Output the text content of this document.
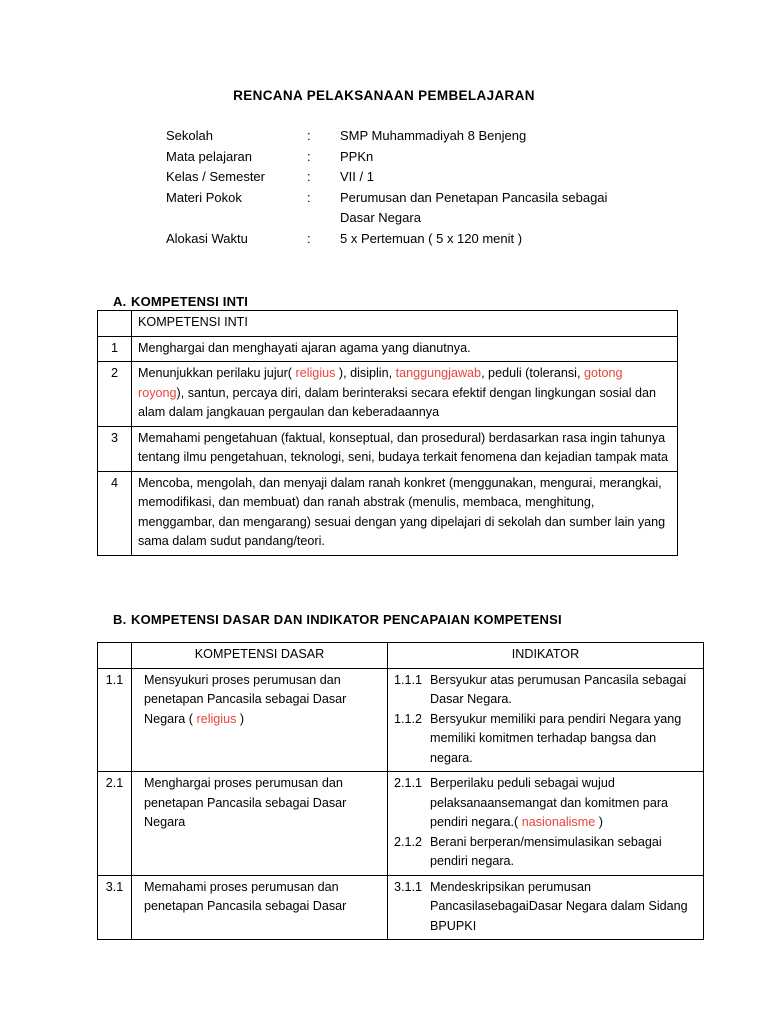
RENCANA PELAKSANAAN PEMBELAJARAN
Sekolah	:	SMP Muhammadiyah 8 Benjeng
Mata pelajaran	:	PPKn
Kelas / Semester	:	VII / 1
Materi Pokok	:	Perumusan dan Penetapan Pancasila sebagai
Dasar Negara
Alokasi Waktu	:	5 x Pertemuan ( 5 x 120 menit )
A. KOMPETENSI INTI
	KOMPETENSI INTI
1	Menghargai dan menghayati ajaran agama yang dianutnya.
2	Menunjukkan perilaku jujur( religius ), disiplin, tanggungjawab, peduli (toleransi, gotong royong), santun, percaya diri, dalam berinteraksi secara efektif dengan lingkungan sosial dan alam dalam jangkauan pergaulan dan keberadaannya
3	Memahami pengetahuan (faktual, konseptual, dan prosedural) berdasarkan rasa ingin tahunya tentang ilmu pengetahuan, teknologi, seni, budaya terkait fenomena dan kejadian tampak mata
4	Mencoba, mengolah, dan menyaji dalam ranah konkret (menggunakan, mengurai, merangkai, memodifikasi, dan membuat) dan ranah abstrak (menulis, membaca, menghitung, menggambar, dan mengarang) sesuai dengan yang dipelajari di sekolah dan sumber lain yang sama dalam sudut pandang/teori.
B. KOMPETENSI DASAR DAN INDIKATOR PENCAPAIAN KOMPETENSI
	KOMPETENSI DASAR	INDIKATOR
1.1	Mensyukuri proses perumusan dan penetapan Pancasila sebagai Dasar Negara ( religius )	1.1.1 Bersyukur atas perumusan Pancasila sebagai Dasar Negara.
1.1.2 Bersyukur memiliki para pendiri Negara yang memiliki komitmen terhadap bangsa dan negara.

2.1	Menghargai proses perumusan dan penetapan Pancasila sebagai Dasar Negara	2.1.1 Berperilaku peduli sebagai wujud pelaksanaansemangat dan komitmen para pendiri negara.( nasionalisme )
2.1.2 Berani berperan/mensimulasikan sebagai pendiri negara.

3.1	Memahami proses perumusan dan penetapan Pancasila sebagai Dasar	3.1.1 Mendeskripsikan perumusan PancasilasebagaiDasar Negara dalam Sidang BPUPKI
